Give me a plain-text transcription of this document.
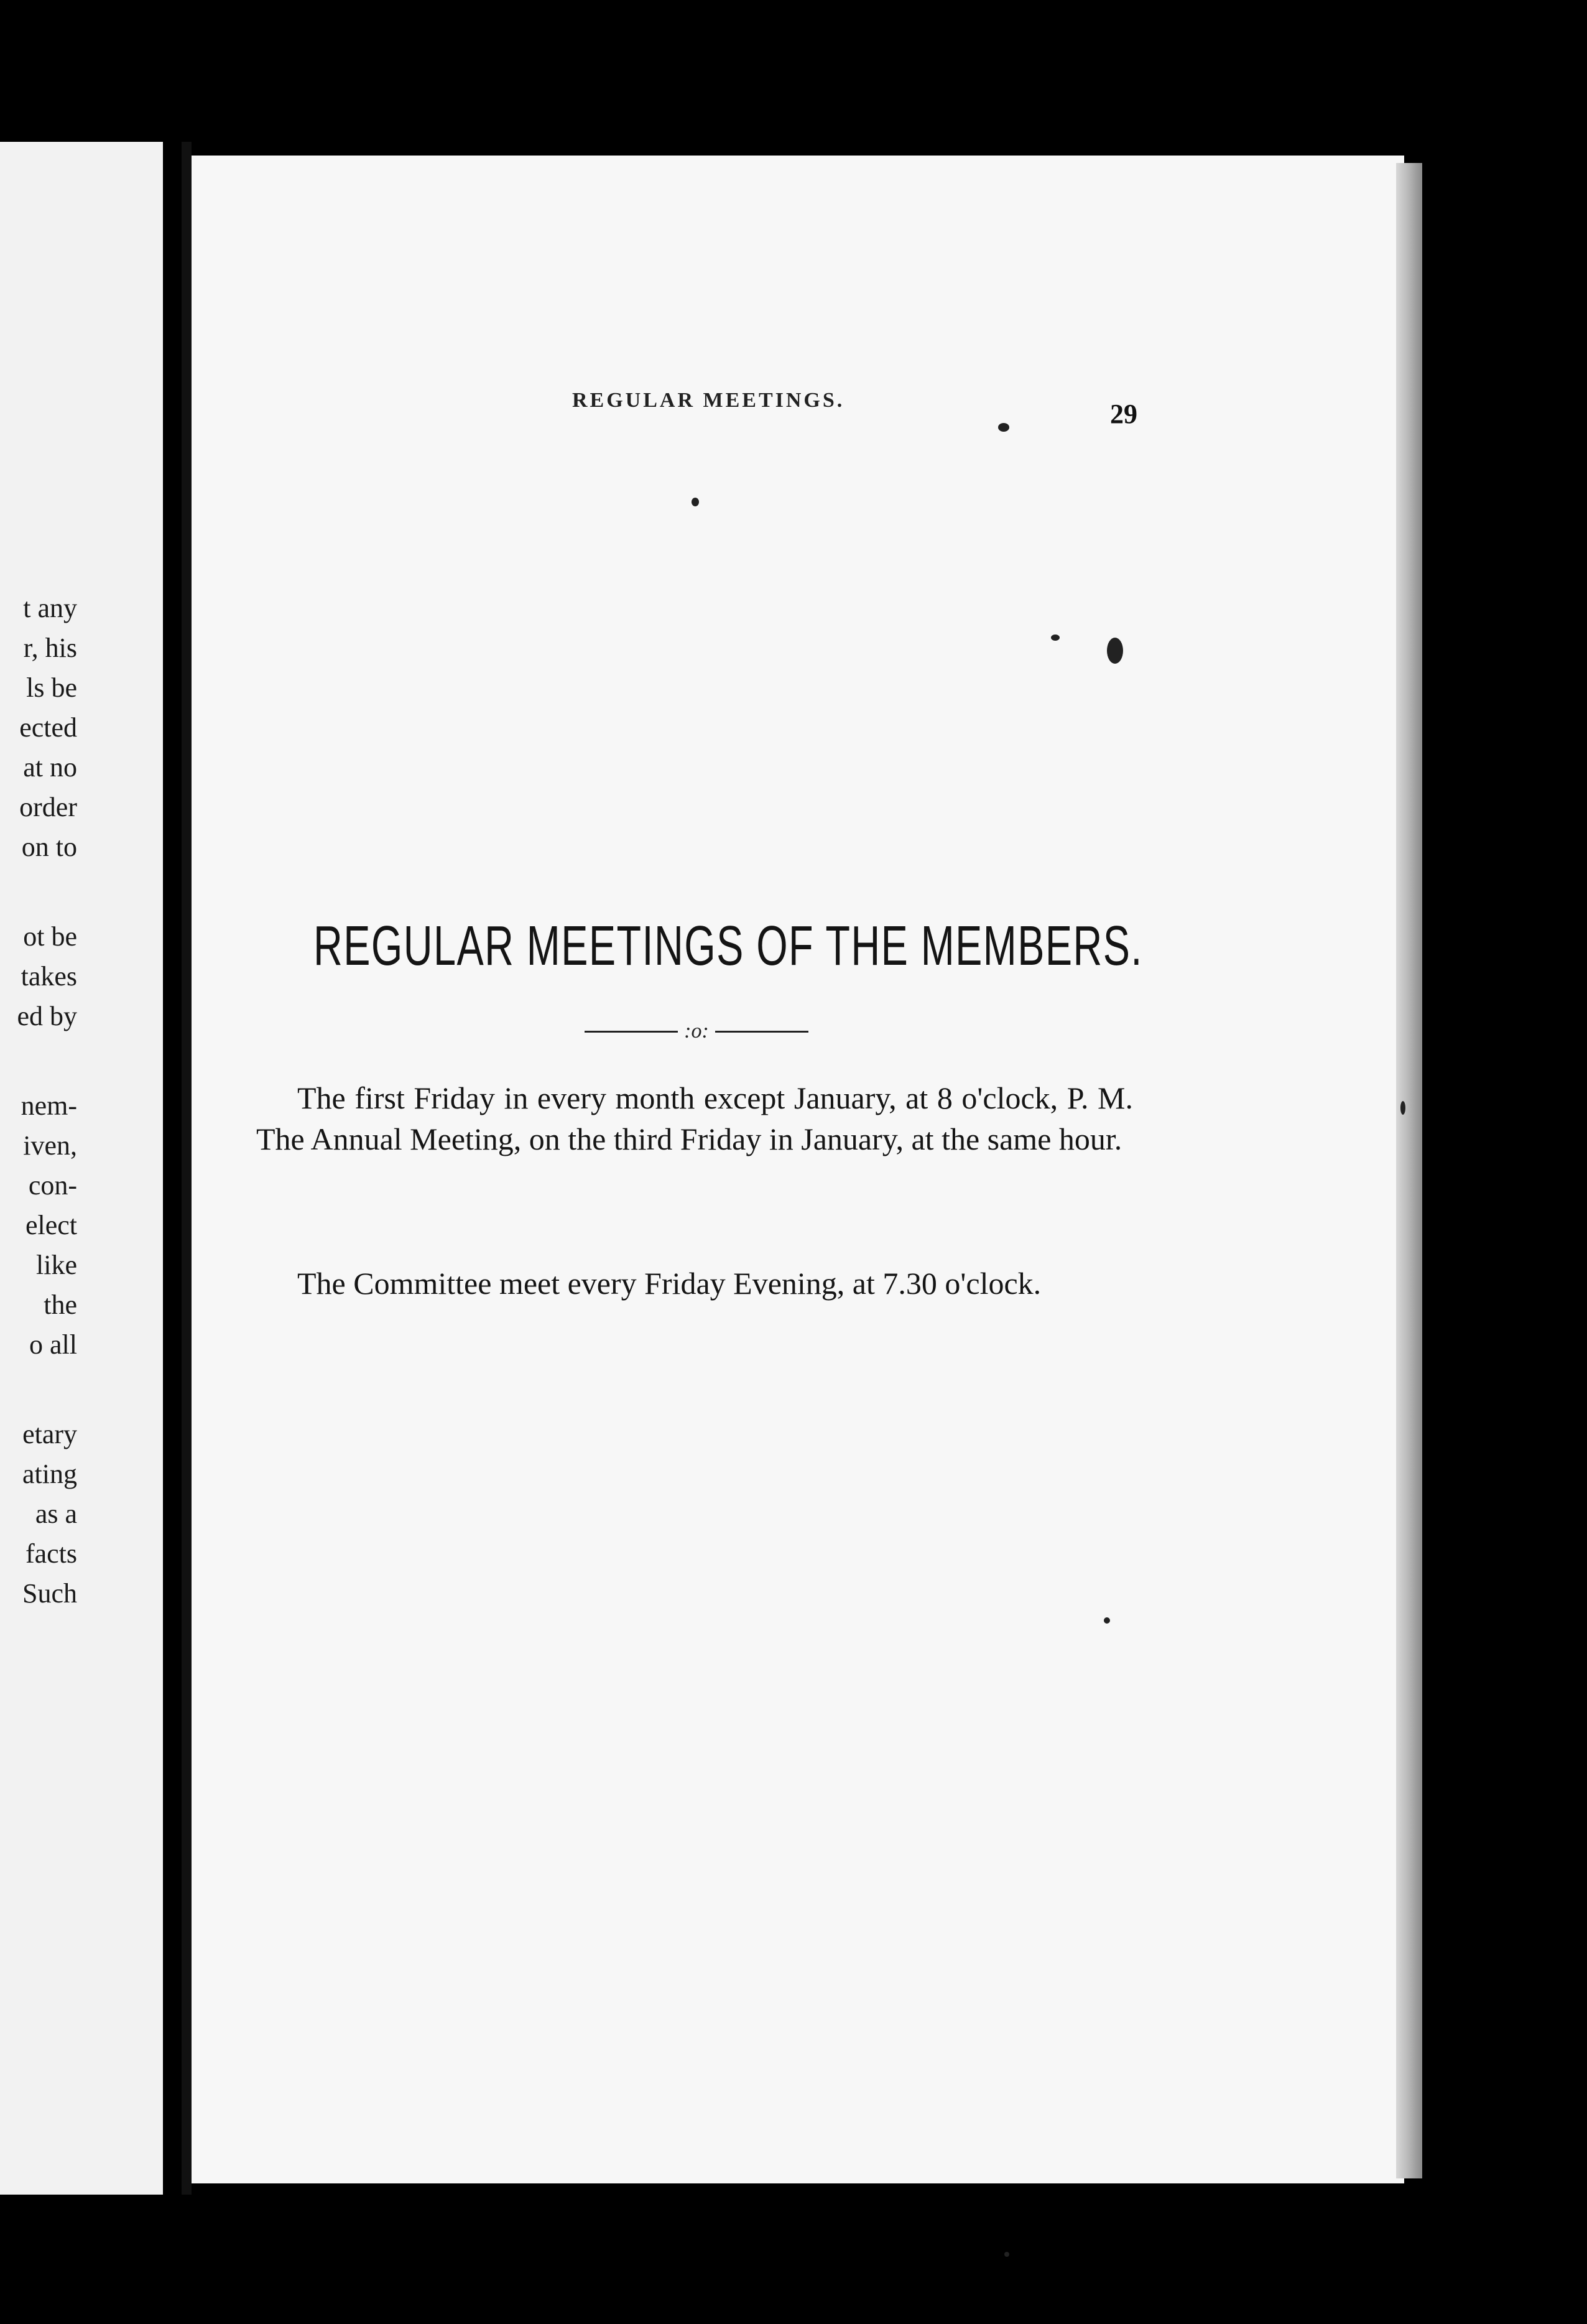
t any
r, his
ls be
ected
at no
order
on to
ot be
takes
ed by
nem-
iven,
con-
elect
like
the
o all
etary
ating
as a
facts
Such
REGULAR MEETINGS.	29
REGULAR MEETINGS OF THE MEMBERS.
:o:

The first Friday in every month except January, at 8 o'clock, P. M. The Annual Meeting, on the third Friday in January, at the same hour.

The Committee meet every Friday Evening, at 7.30 o'clock.
